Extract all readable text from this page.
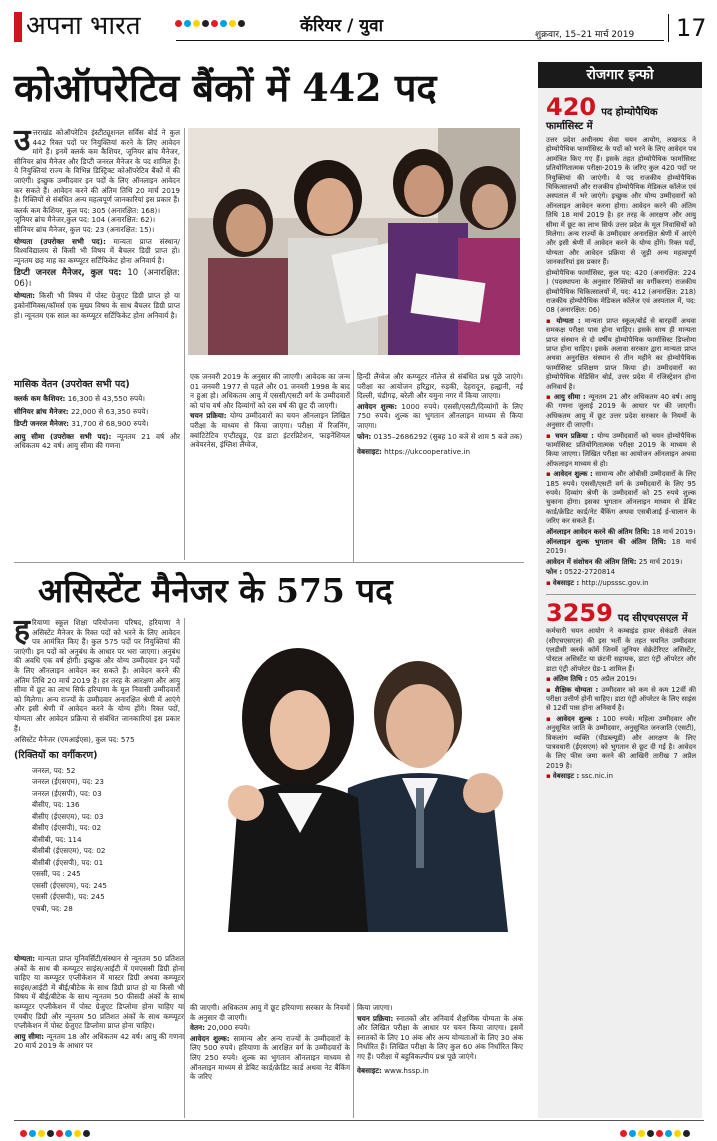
अपना भारत	कॅरियर / युवा	शुक्रवार, 15–21 मार्च 2019 17
कोऑपरेटिव बैंकों में 442 पद

उत्तराखंड कोऑपरेटिव इंस्टीट्यूशनल सर्विस बोर्ड ने कुल 442 रिक्त पदों पर नियुक्तियां करने के लिए आवेदन मांगे हैं। इनमें क्लर्क कम कैशियर, जूनियर ब्रांच मैनेजर, सीनियर ब्रांच मैनेजर और डिप्टी जनरल मैनेजर के पद शामिल हैं। ये नियुक्तियां राज्य के विभिन्न डिस्ट्रिक्ट कोऑपरेटिव बैंकों में की जाएंगी। इच्छुक उम्मीदवार इन पदों के लिए ऑनलाइन आवेदन कर सकते हैं। आवेदन करने की अंतिम तिथि 20 मार्च 2019 है। रिक्तियों से संबंधित अन्य महत्वपूर्ण जानकारियां इस प्रकार हैं।

क्लर्क कम कैशियर, कुल पद: 305 (अनारक्षित: 168)।
जूनियर ब्रांच मैनेजर,कुल पद: 104 (अनारक्षित: 62)।
सीनियर ब्रांच मैनेजर, कुल पद: 23 (अनारक्षित: 15)।

योग्यता (उपरोक्त सभी पद): मान्यता प्राप्त संस्थान/विश्वविद्यालय से किसी भी विषय में बैचलर डिग्री प्राप्त हो। न्यूनतम छह माह का कम्प्यूटर सर्टिफिकेट होना अनिवार्य है।

डिप्टी जनरल मैनेजर, कुल पद: 10 (अनारक्षित: 06)।

योग्यता: किसी भी विषय में पोस्ट ग्रेजुएट डिग्री प्राप्त हो या इकोनॉमिक्स/कॉमर्स एक मुख्य विषय के साथ बैचलर डिग्री प्राप्त हो। न्यूनतम एक साल का कम्प्यूटर सर्टिफिकेट होना अनिवार्य है।

मासिक वेतन (उपरोक्त सभी पद)

क्लर्क कम कैशियर: 16,300 से 43,550 रुपये।

सीनियर ब्रांच मैनेजर: 22,000 से 63,350 रुपये।

डिप्टी जनरल मैनेजर: 31,700 से 68,900 रुपये।

आयु सीमा (उपरोक्त सभी पद): न्यूनतम 21 वर्ष और अधिकतम 42 वर्ष। आयु सीमा की गणना

एक जनवरी 2019 के अनुसार की जाएगी। आवेदक का जन्म 01 जनवरी 1977 से पहले और 01 जनवरी 1998 के बाद न हुआ हो। अधिकतम आयु में एससी/एसटी वर्ग के उम्मीदवारों को पांच वर्ष और दिव्यांगों को दस वर्ष की छूट दी जाएगी।

चयन प्रक्रिया: योग्य उम्मीदवारों का चयन ऑनलाइन लिखित परीक्षा के माध्यम से किया जाएगा। परीक्षा में रिजनिंग, क्वांटिटेटिव एप्टीट्यूड, एंड डाटा इंटरप्रिटेशन, फाइनेंशियल अवेयरनेस, इंग्लिश लैंग्वेज,

हिन्दी लैंग्वेज और कम्प्यूटर नॉलेज से संबंधित प्रश्न पूछे जाएंगे। परीक्षा का आयोजन हरिद्वार, रुड़की, देहरादून, हल्द्वानी, नई दिल्ली, चंडीगढ़, बरेली और यमुना नगर में किया जाएगा।

आवेदन शुल्क: 1000 रुपये। एससी/एसटी/दिव्यांगों के लिए 750 रुपये। शुल्क का भुगतान ऑनलाइन माध्यम से किया जाएगा।

फोन: 0135–2686292 (सुबह 10 बजे से शाम 5 बजे तक)

वेबसाइट: https://ukcooperative.in

असिस्टेंट मैनेजर के 575 पद

हरियाणा स्कूल शिक्षा परियोजना परिषद, हरियाणा ने असिस्टेंट मैनेजर के रिक्त पदों को भरने के लिए आवेदन पत्र आमंत्रित किए हैं। कुल 575 पदों पर नियुक्तियां की जाएंगी। इन पदों को अनुबंध के आधार पर भरा जाएगा। अनुबंध की अवधि एक वर्ष होगी। इच्छुक और योग्य उम्मीदवार इन पदों के लिए ऑनलाइन आवेदन कर सकते हैं। आवेदन करने की अंतिम तिथि 20 मार्च 2019 है। हर तरह के आरक्षण और आयु सीमा में छूट का लाभ सिर्फ हरियाणा के मूल निवासी उम्मीदवारों को मिलेगा। अन्य राज्यों के उम्मीदवार अनारक्षित श्रेणी में आएंगे और इसी श्रेणी में आवेदन करने के योग्य होंगे। रिक्त पदों, योग्यता और आवेदन प्रक्रिया से संबंधित जानकारियां इस प्रकार हैं।

असिस्टेंट मैनेजर (एमआईएस), कुल पद: 575
(रिक्तियों का वर्गीकरण)
जनरल, पद: 52
जनरल (ईएसएम), पद: 23
जनरल (ईएसपी), पद: 03
बीसीए, पद: 136
बीसीए (ईएसएम), पद: 03
बीसीए (ईएसपी), पद: 02
बीसीबी, पद: 114
बीसीबी (ईएसएम), पद: 02
बीसीबी (ईएसपी), पद: 01
एससी, पद : 245
एससी (ईएसएम), पद: 245
एससी (ईएसपी), पद: 245
एचबी, पद: 28

योग्यता: मान्यता प्राप्त यूनिवर्सिटी/संस्थान से न्यूनतम 50 प्रतिशत अंकों के साथ बी कम्प्यूटर साइंस/आईटी में एमएससी डिग्री होना चाहिए या कम्प्यूटर एप्लीकेशन में मास्टर डिग्री अथवा कम्प्यूटर साइंस/आईटी में बीई/बीटेक के साथ डिग्री प्राप्त हो या किसी भी विषय में बीई/बीटेक के साथ न्यूनतम 50 फीसदी अंकों के साथ कम्प्यूटर एप्लीकेशन में पोस्ट ग्रेजुएट डिप्लोमा होना चाहिए या एमबीए डिग्री और न्यूनतम 50 प्रतिशत अंकों के साथ कम्प्यूटर एप्लीकेशन में पोस्ट ग्रेजुएट डिप्लोमा प्राप्त होना चाहिए।

आयु सीमा: न्यूनतम 18 और अधिकतम 42 वर्ष। आयु की गणना 20 मार्च 2019 के आधार पर

की जाएगी। अधिकतम आयु में छूट हरियाणा सरकार के नियमों के अनुसार दी जाएगी।

वेतन: 20,000 रुपये।

आवेदन शुल्क: सामान्य और अन्य राज्यों के उम्मीदवारों के लिए 500 रुपये। हरियाणा के आरक्षित वर्ग के उम्मीदवारों के लिए 250 रुपये। शुल्क का भुगतान ऑनलाइन माध्यम से ऑनलाइन माध्यम से डेबिट कार्ड/क्रेडिट कार्ड अथवा नेट बैंकिंग के जरिए

किया जाएगा।

चयन प्रक्रिया: स्नातकों और अनिवार्य शैक्षणिक योग्यता के अंक और लिखित परीक्षा के आधार पर चयन किया जाएगा। इसमें स्नातकों के लिए 10 अंक और अन्य योग्यताओं के लिए 30 अंक निर्धारित हैं। लिखित परीक्षा के लिए कुल 60 अंक निर्धारित किए गए हैं। परीक्षा में बहुविकल्पीय प्रश्न पूछे जाएंगे।

वेबसाइट: www.hssp.in

रोजगार इन्फो
420 पद होम्योपैथिक
फार्मासिस्ट में

उत्तर प्रदेश अधीनस्थ सेवा चयन आयोग, लखनऊ ने होम्योपैथिक फार्मासिस्ट के पदों को भरने के लिए आवेदन पत्र आमंत्रित किए गए हैं। इसके तहत होम्योपैथिक फार्मासिस्ट प्रतियोगितात्मक परीक्षा-2019 के जरिए कुल 420 पदों पर नियुक्तियां की जाएंगी। ये पद राजकीय होम्योपैथिक चिकित्सालयों और राजकीय होम्योपैथिक मेडिकल कॉलेज एवं अस्पताल में भरे जाएंगे। इच्छुक और योग्य उम्मीदवारों को ऑनलाइन आवेदन करना होगा। आवेदन करने की अंतिम तिथि 18 मार्च 2019 है। हर तरह के आरक्षण और आयु सीमा में छूट का लाभ सिर्फ उत्तर प्रदेश के मूल निवासियों को मिलेगा। अन्य राज्यों के उम्मीदवार अनारक्षित श्रेणी में आएंगे और इसी श्रेणी में आवेदन करने के योग्य होंगे। रिक्त पदों, योग्यता और आवेदन प्रक्रिया से जुड़ी अन्य महत्वपूर्ण जानकारियां इस प्रकार हैं।

होम्योपैथिक फार्मासिस्ट, कुल पद: 420 (अनारक्षित: 224 ) (पदस्थापना के अनुसार रिक्तियों का वर्गीकरण) राजकीय होम्योपैथिक चिकित्सालयों में, पद: 412 (अनारक्षित: 218) राजकीय होम्योपैथिक मेडिकल कॉलेज एवं अस्पताल में, पद: 08 (अनारक्षित: 06)

▪ योग्यता : मान्यता प्राप्त स्कूल/बोर्ड से बारहवीं अथवा समकक्ष परीक्षा पास होना चाहिए। इसके साथ ही मान्यता प्राप्त संस्थान से दो वर्षीय होम्योपैथिक फार्मासिस्ट डिप्लोमा प्राप्त होना चाहिए। इसके अलावा सरकार द्वारा मान्यता प्राप्त अथवा अनुरक्षित संस्थान से तीन महीने का होम्योपैथिक फार्मासिस्ट प्रशिक्षण प्राप्त किया हो। उम्मीदवारों का होम्योपैथिक मेडिसिन बोर्ड, उत्तर प्रदेश में रजिस्ट्रेशन होना अनिवार्य है।

▪ आयु सीमा : न्यूनतम 21 और अधिकतम 40 वर्ष। आयु की गणना जुलाई 2019 के आधार पर की जाएगी। अधिकतम आयु में छूट उत्तर प्रदेश सरकार के नियमों के अनुसार दी जाएगी।

▪ चयन प्रक्रिया : योग्य उम्मीदवारों को चयन होम्योपैथिक फार्मासिस्ट प्रतियोगितात्मक परीक्षा 2019 के माध्यम से किया जाएगा। लिखित परीक्षा का आयोजन ऑनलाइन अथवा ऑफलाइन माध्यम से हो।

▪ आवेदन शुल्क : सामान्य और ओबीसी उम्मीदवारों के लिए 185 रुपये। एससी/एसटी वर्ग के उम्मीदवारों के लिए 95 रुपये। दिव्यांग श्रेणी के उम्मीदवारों को 25 रुपये शुल्क चुकाना होगा। इसका भुगतान ऑनलाइन माध्यम से डेबिट कार्ड/क्रेडिट कार्ड/नेट बैंकिंग अथवा एसबीआई ई-चालान के जरिए कर सकते हैं।

ऑनलाइन आवेदन करने की अंतिम तिथि: 18 मार्च 2019।

ऑनलाइन शुल्क भुगतान की अंतिम तिथि: 18 मार्च 2019।

आवेदन में संशोधन की अंतिम तिथि: 25 मार्च 2019।

फोन : 0522-2720814

▪ वेबसाइट : http://upsssc.gov.in

3259 पद सीएचएसएल में

कर्मचारी चयन आयोग ने कम्बाइंड हायर सेकंडरी लेवल (सीएचएसएल) की इस भर्ती के तहत चयनित उम्मीदवार एलडीसी क्लर्क कॉर्मे जिनमें जूनियर सेक्रेटेरिएट असिस्टेंट, पोस्टल असिस्टेंट या छंटनी सहायक, डाटा एंट्री ऑपरेटर और डाटा एंट्री ऑपरेटर ग्रेड-1 शामिल हैं।

▪ अंतिम तिथि : 05 अप्रैल 2019।

▪ शैक्षिक योग्यता : उम्मीदवार को कम से कम 12वीं की परीक्षा उत्तीर्ण होनी चाहिए। डाटा एंट्री ऑपरेटर के लिए साइंस से 12वीं पास होना अनिवार्य है।

▪ आवेदन शुल्क : 100 रुपये। महिला उम्मीदवार और अनुसूचित जाति के उम्मीदवार, अनुसूचित जनजाति (एसटी), विकलांग व्यक्ति (पीडब्ल्यूडी) और आरक्षण के लिए पात्रवधारी (ईएसएम) को भुगतान से छूट दी गई है। आवेदन के लिए फीस जमा करने की आखिरी तारीख 7 अप्रैल 2019 है।

▪ वेबसाइट : ssc.nic.in
